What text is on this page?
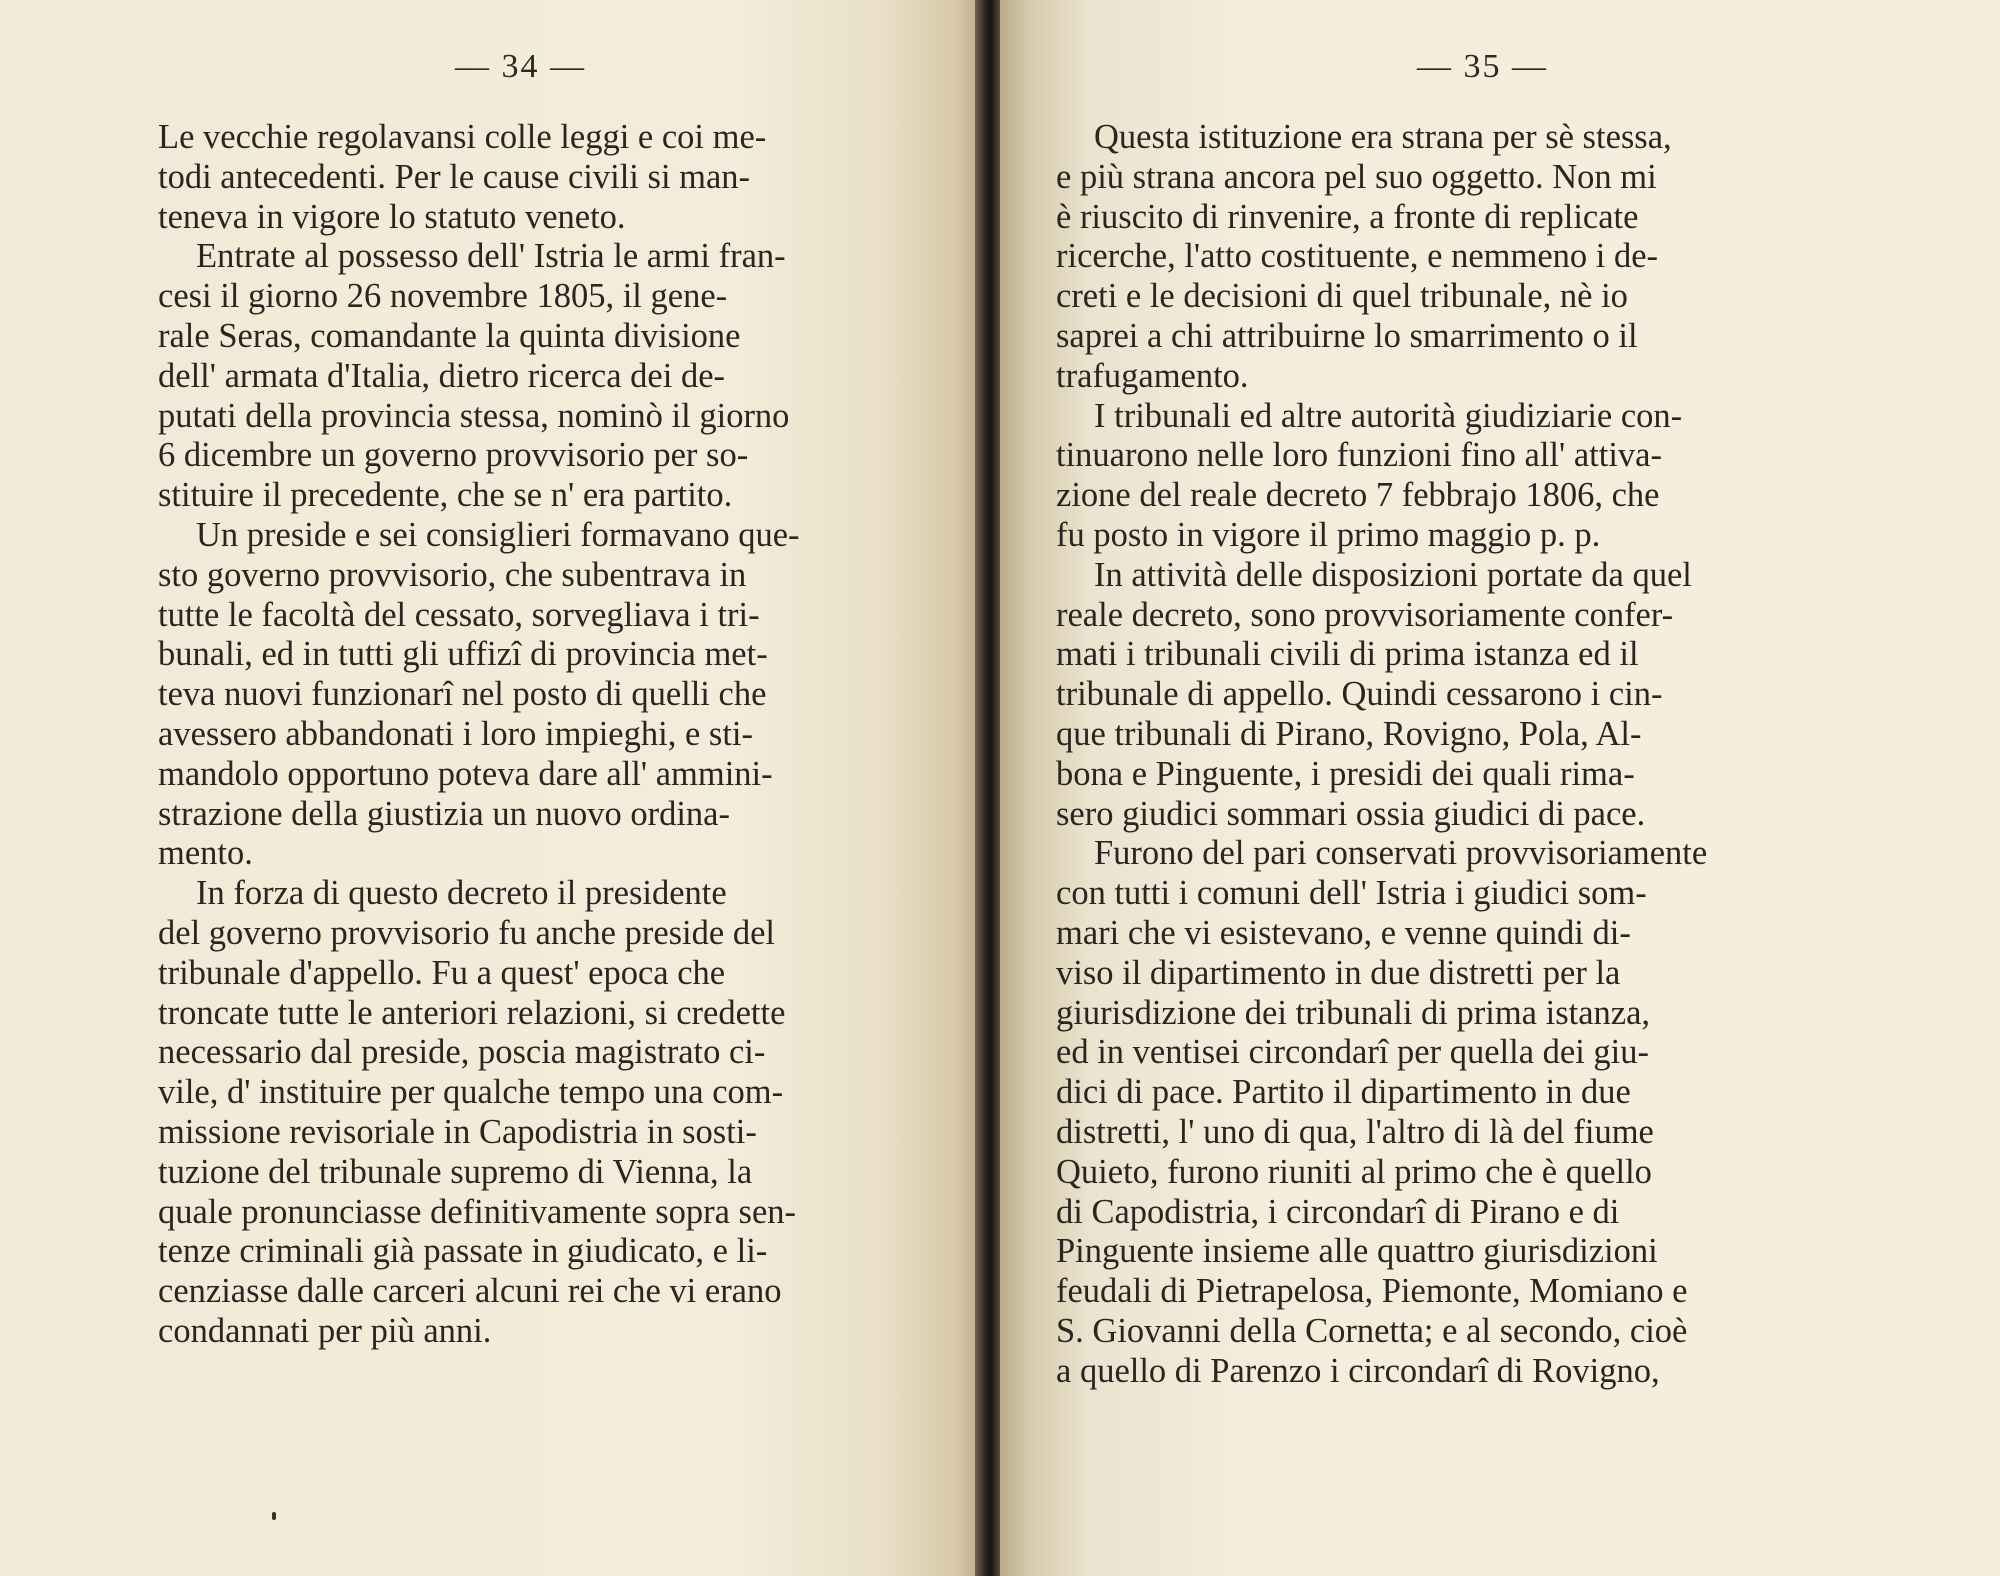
— 34 —
Le vecchie regolavansi colle leggi e coi me-
todi antecedenti. Per le cause civili si man-
teneva in vigore lo statuto veneto.
Entrate al possesso dell' Istria le armi fran-
cesi il giorno 26 novembre 1805, il gene-
rale Seras, comandante la quinta divisione
dell' armata d'Italia, dietro ricerca dei de-
putati della provincia stessa, nominò il giorno
6 dicembre un governo provvisorio per so-
stituire il precedente, che se n' era partito.
Un preside e sei consiglieri formavano que-
sto governo provvisorio, che subentrava in
tutte le facoltà del cessato, sorvegliava i tri-
bunali, ed in tutti gli uffizî di provincia met-
teva nuovi funzionarî nel posto di quelli che
avessero abbandonati i loro impieghi, e sti-
mandolo opportuno poteva dare all' ammini-
strazione della giustizia un nuovo ordina-
mento.
In forza di questo decreto il presidente
del governo provvisorio fu anche preside del
tribunale d'appello. Fu a quest' epoca che
troncate tutte le anteriori relazioni, si credette
necessario dal preside, poscia magistrato ci-
vile, d' instituire per qualche tempo una com-
missione revisoriale in Capodistria in sosti-
tuzione del tribunale supremo di Vienna, la
quale pronunciasse definitivamente sopra sen-
tenze criminali già passate in giudicato, e li-
cenziasse dalle carceri alcuni rei che vi erano
condannati per più anni.
— 35 —
Questa istituzione era strana per sè stessa,
e più strana ancora pel suo oggetto. Non mi
è riuscito di rinvenire, a fronte di replicate
ricerche, l'atto costituente, e nemmeno i de-
creti e le decisioni di quel tribunale, nè io
saprei a chi attribuirne lo smarrimento o il
trafugamento.
I tribunali ed altre autorità giudiziarie con-
tinuarono nelle loro funzioni fino all' attiva-
zione del reale decreto 7 febbrajo 1806, che
fu posto in vigore il primo maggio p. p.
In attività delle disposizioni portate da quel
reale decreto, sono provvisoriamente confer-
mati i tribunali civili di prima istanza ed il
tribunale di appello. Quindi cessarono i cin-
que tribunali di Pirano, Rovigno, Pola, Al-
bona e Pinguente, i presidi dei quali rima-
sero giudici sommari ossia giudici di pace.
Furono del pari conservati provvisoriamente
con tutti i comuni dell' Istria i giudici som-
mari che vi esistevano, e venne quindi di-
viso il dipartimento in due distretti per la
giurisdizione dei tribunali di prima istanza,
ed in ventisei circondarî per quella dei giu-
dici di pace. Partito il dipartimento in due
distretti, l' uno di qua, l'altro di là del fiume
Quieto, furono riuniti al primo che è quello
di Capodistria, i circondarî di Pirano e di
Pinguente insieme alle quattro giurisdizioni
feudali di Pietrapelosa, Piemonte, Momiano e
S. Giovanni della Cornetta; e al secondo, cioè
a quello di Parenzo i circondarî di Rovigno,
